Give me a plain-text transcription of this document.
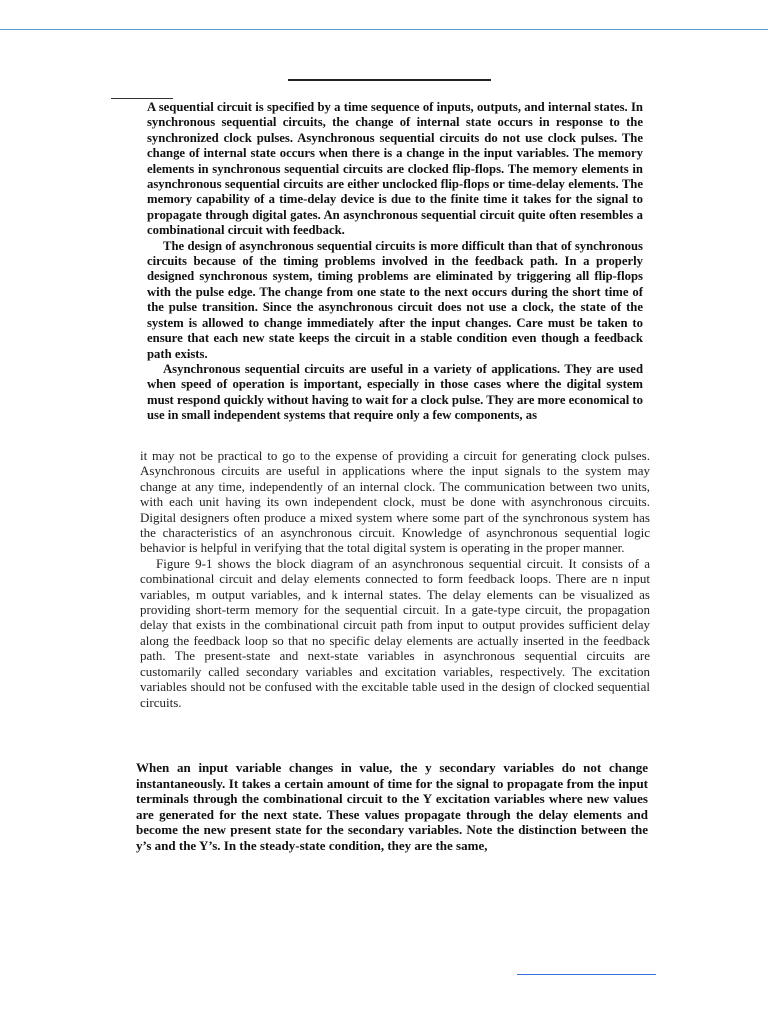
A sequential circuit is specified by a time sequence of inputs, outputs, and internal states. In synchronous sequential circuits, the change of internal state occurs in response to the synchronized clock pulses. Asynchronous sequential circuits do not use clock pulses. The change of internal state occurs when there is a change in the input variables. The memory elements in synchronous sequential circuits are clocked flip-flops. The memory elements in asynchronous sequential circuits are either unclocked flip-flops or time-delay elements. The memory capability of a time-delay device is due to the finite time it takes for the signal to propagate through digital gates. An asynchronous sequential circuit quite often resembles a combinational circuit with feedback.

The design of asynchronous sequential circuits is more difficult than that of synchronous circuits because of the timing problems involved in the feedback path. In a properly designed synchronous system, timing problems are eliminated by triggering all flip-flops with the pulse edge. The change from one state to the next occurs during the short time of the pulse transition. Since the asynchronous circuit does not use a clock, the state of the system is allowed to change immediately after the input changes. Care must be taken to ensure that each new state keeps the circuit in a stable condition even though a feedback path exists.

Asynchronous sequential circuits are useful in a variety of applications. They are used when speed of operation is important, especially in those cases where the digital system must respond quickly without having to wait for a clock pulse. They are more economical to use in small independent systems that require only a few components, as

it may not be practical to go to the expense of providing a circuit for generating clock pulses. Asynchronous circuits are useful in applications where the input signals to the system may change at any time, independently of an internal clock. The communication between two units, with each unit having its own independent clock, must be done with asynchronous circuits. Digital designers often produce a mixed system where some part of the synchronous system has the characteristics of an asynchronous circuit. Knowledge of asynchronous sequential logic behavior is helpful in verifying that the total digital system is operating in the proper manner.

Figure 9-1 shows the block diagram of an asynchronous sequential circuit. It consists of a combinational circuit and delay elements connected to form feedback loops. There are n input variables, m output variables, and k internal states. The delay elements can be visualized as providing short-term memory for the sequential circuit. In a gate-type circuit, the propagation delay that exists in the combinational circuit path from input to output provides sufficient delay along the feedback loop so that no specific delay elements are actually inserted in the feedback path. The present-state and next-state variables in asynchronous sequential circuits are customarily called secondary variables and excitation variables, respectively. The excitation variables should not be confused with the excitable table used in the design of clocked sequential circuits.

When an input variable changes in value, the y secondary variables do not change instantaneously. It takes a certain amount of time for the signal to propagate from the input terminals through the combinational circuit to the Y excitation variables where new values are generated for the next state. These values propagate through the delay elements and become the new present state for the secondary variables. Note the distinction between the y’s and the Y’s. In the steady-state condition, they are the same,
